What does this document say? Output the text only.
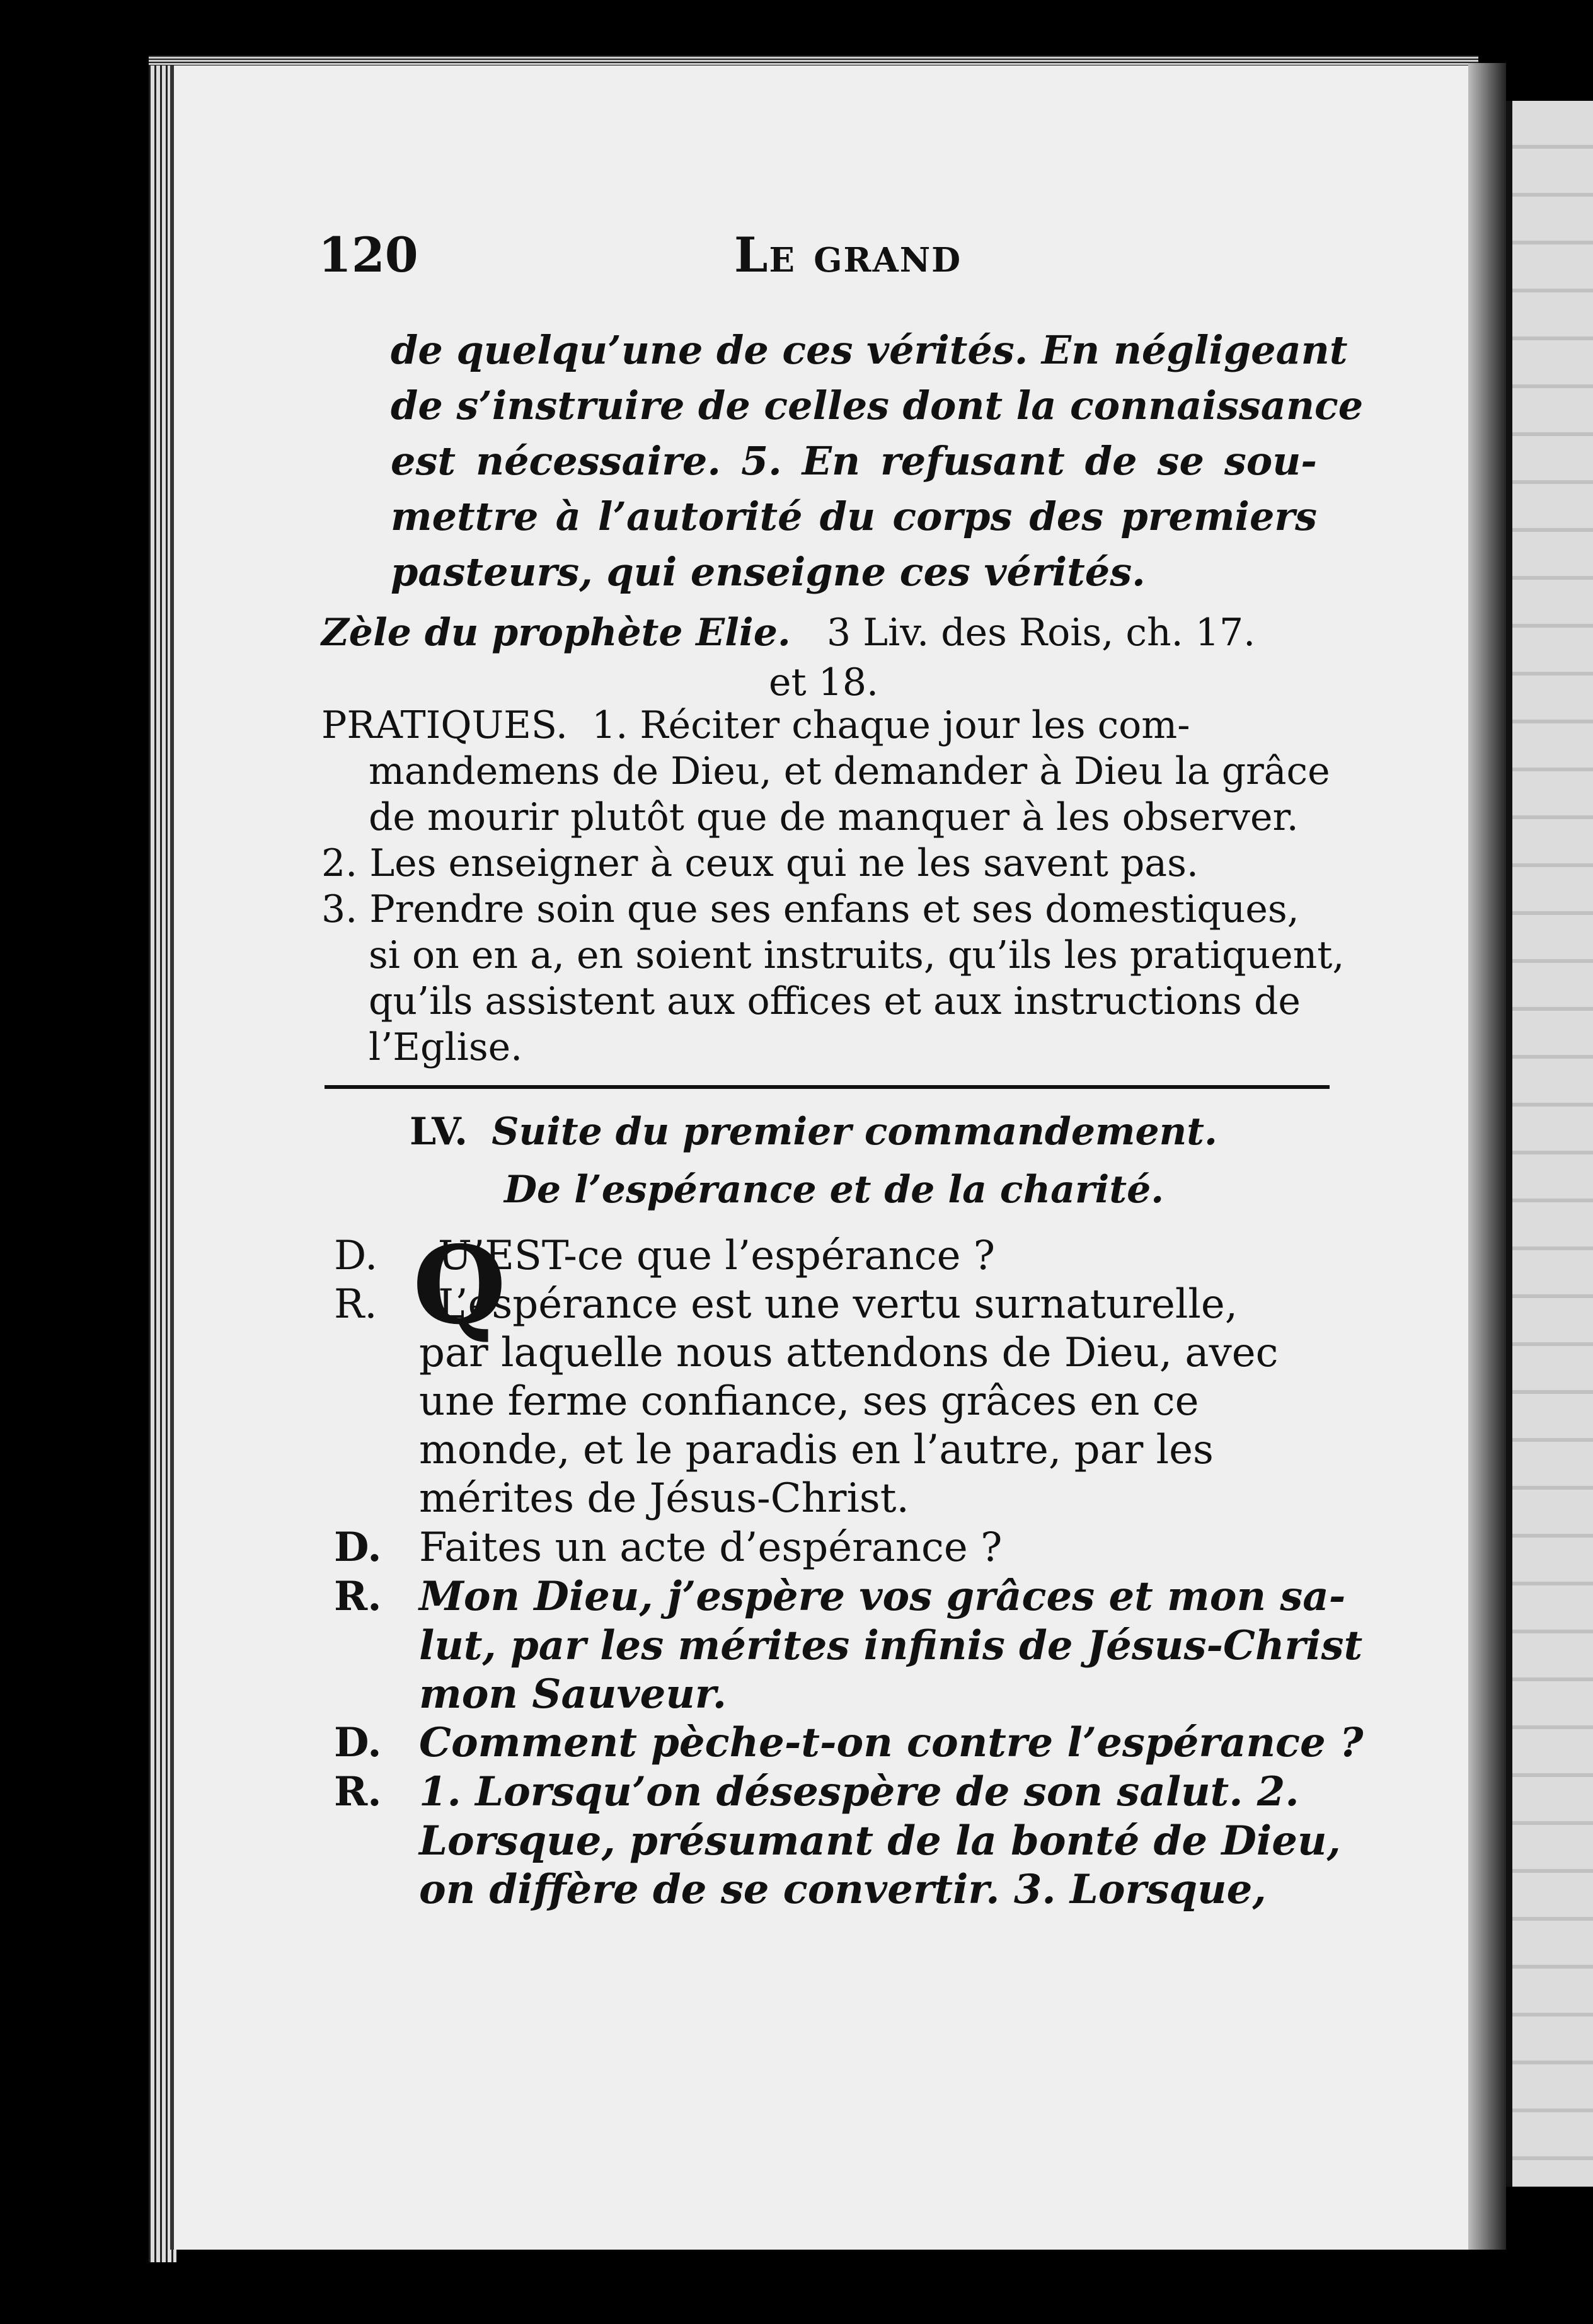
120	Le grand
de quelqu’une de ces vérités. En négligeant
de s’instruire de celles dont la connaissance
est nécessaire. 5. En refusant de se sou-
mettre à l’autorité du corps des premiers
pasteurs, qui enseigne ces vérités.
Zèle du prophète Elie. 3 Liv. des Rois, ch. 17.
et 18.
PRATIQUES. 1. Réciter chaque jour les com-
mandemens de Dieu, et demander à Dieu la grâce
de mourir plutôt que de manquer à les observer.
2. Les enseigner à ceux qui ne les savent pas.
3. Prendre soin que ses enfans et ses domestiques,
si on en a, en soient instruits, qu’ils les pratiquent,
qu’ils assistent aux offices et aux instructions de
l’Eglise.
LV. Suite du premier commandement.
De l’espérance et de la charité.
Q
D. U’EST-ce que l’espérance ?
R. L’espérance est une vertu surnaturelle,
par laquelle nous attendons de Dieu, avec
une ferme confiance, ses grâces en ce
monde, et le paradis en l’autre, par les
mérites de Jésus-Christ.
D. Faites un acte d’espérance ?
R. Mon Dieu, j’espère vos grâces et mon sa-
lut, par les mérites infinis de Jésus-Christ
mon Sauveur.
D. Comment pèche-t-on contre l’espérance ?
R. 1. Lorsqu’on désespère de son salut. 2.
Lorsque, présumant de la bonté de Dieu,
on diffère de se convertir. 3. Lorsque,
